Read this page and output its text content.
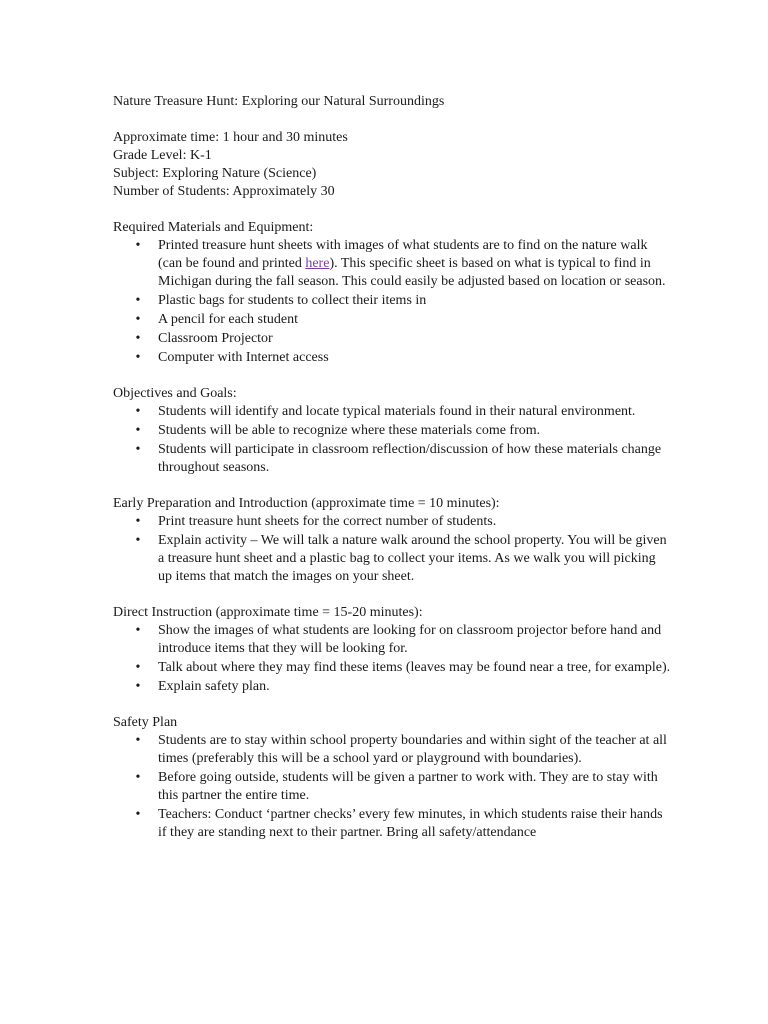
Nature Treasure Hunt: Exploring our Natural Surroundings

Approximate time: 1 hour and 30 minutes

Grade Level: K-1

Subject: Exploring Nature (Science)

Number of Students: Approximately 30

Required Materials and Equipment:

• Printed treasure hunt sheets with images of what students are to find on the nature walk (can be found and printed here). This specific sheet is based on what is typical to find in Michigan during the fall season. This could easily be adjusted based on location or season.
• Plastic bags for students to collect their items in
• A pencil for each student
• Classroom Projector
• Computer with Internet access

Objectives and Goals:

• Students will identify and locate typical materials found in their natural environment.
• Students will be able to recognize where these materials come from.
• Students will participate in classroom reflection/discussion of how these materials change throughout seasons.

Early Preparation and Introduction (approximate time = 10 minutes):

• Print treasure hunt sheets for the correct number of students.
• Explain activity – We will talk a nature walk around the school property. You will be given a treasure hunt sheet and a plastic bag to collect your items. As we walk you will picking up items that match the images on your sheet.

Direct Instruction (approximate time = 15-20 minutes):

• Show the images of what students are looking for on classroom projector before hand and introduce items that they will be looking for.
• Talk about where they may find these items (leaves may be found near a tree, for example).
• Explain safety plan.

Safety Plan

• Students are to stay within school property boundaries and within sight of the teacher at all times (preferably this will be a school yard or playground with boundaries).
• Before going outside, students will be given a partner to work with. They are to stay with this partner the entire time.
• Teachers: Conduct ‘partner checks’ every few minutes, in which students raise their hands if they are standing next to their partner. Bring all safety/attendance
